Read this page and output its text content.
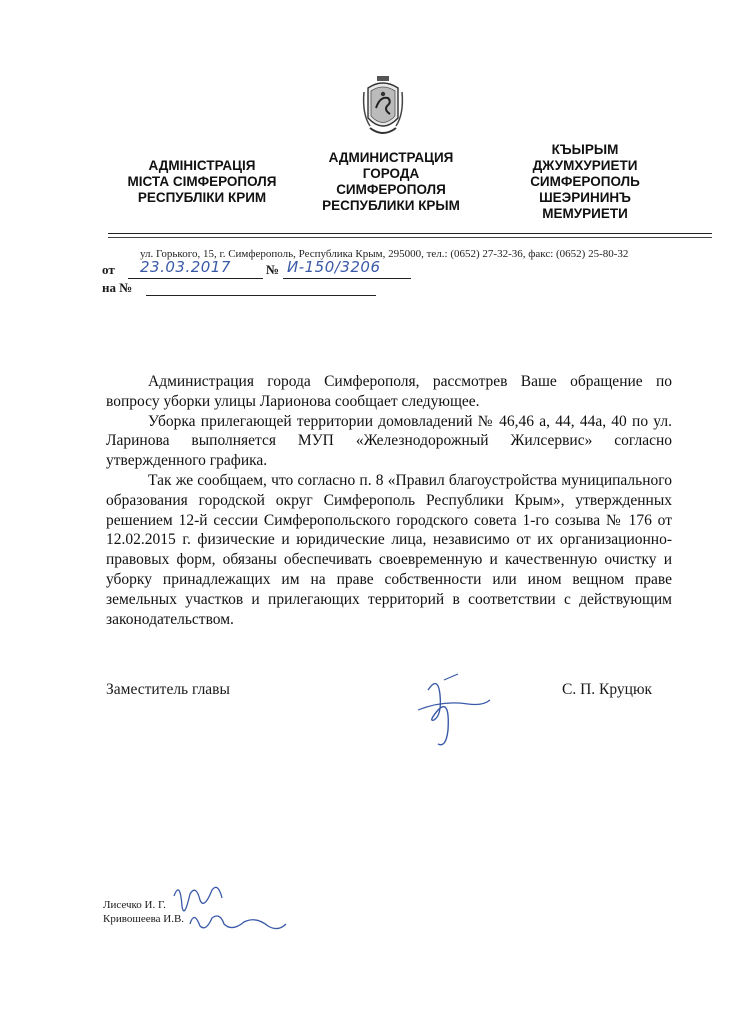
АДМІНІСТРАЦІЯ
МІСТА СІМФЕРОПОЛЯ
РЕСПУБЛІКИ КРИМ
АДМИНИСТРАЦИЯ
ГОРОДА
СИМФЕРОПОЛЯ
РЕСПУБЛИКИ КРЫМ
КЪЫРЫМ
ДЖУМХУРИЕТИ
СИМФЕРОПОЛЬ
ШЕЭРИНИНЪ
МЕМУРИЕТИ
ул. Горького, 15, г. Симферополь, Республика Крым, 295000, тел.: (0652) 27-32-36, факс: (0652) 25-80-32
от 23.03.2017	№ И-150/3206
на №

Администрация города Симферополя, рассмотрев Ваше обращение по вопросу уборки улицы Ларионова сообщает следующее.

Уборка прилегающей территории домовладений № 46,46 а, 44, 44а, 40 по ул. Ларинова выполняется МУП «Железнодорожный Жилсервис» согласно утвержденного графика.

Так же сообщаем, что согласно п. 8 «Правил благоустройства муниципального образования городской округ Симферополь Республики Крым», утвержденных решением 12-й сессии Симферопольского городского совета 1-го созыва № 176 от 12.02.2015 г. физические и юридические лица, независимо от их организационно-правовых форм, обязаны обеспечивать своевременную и качественную очистку и уборку принадлежащих им на праве собственности или ином вещном праве земельных участков и прилегающих территорий в соответствии с действующим законодательством.

Заместитель главы	С. П. Круцюк
Лисечко И. Г.
Кривошеева И.В.
